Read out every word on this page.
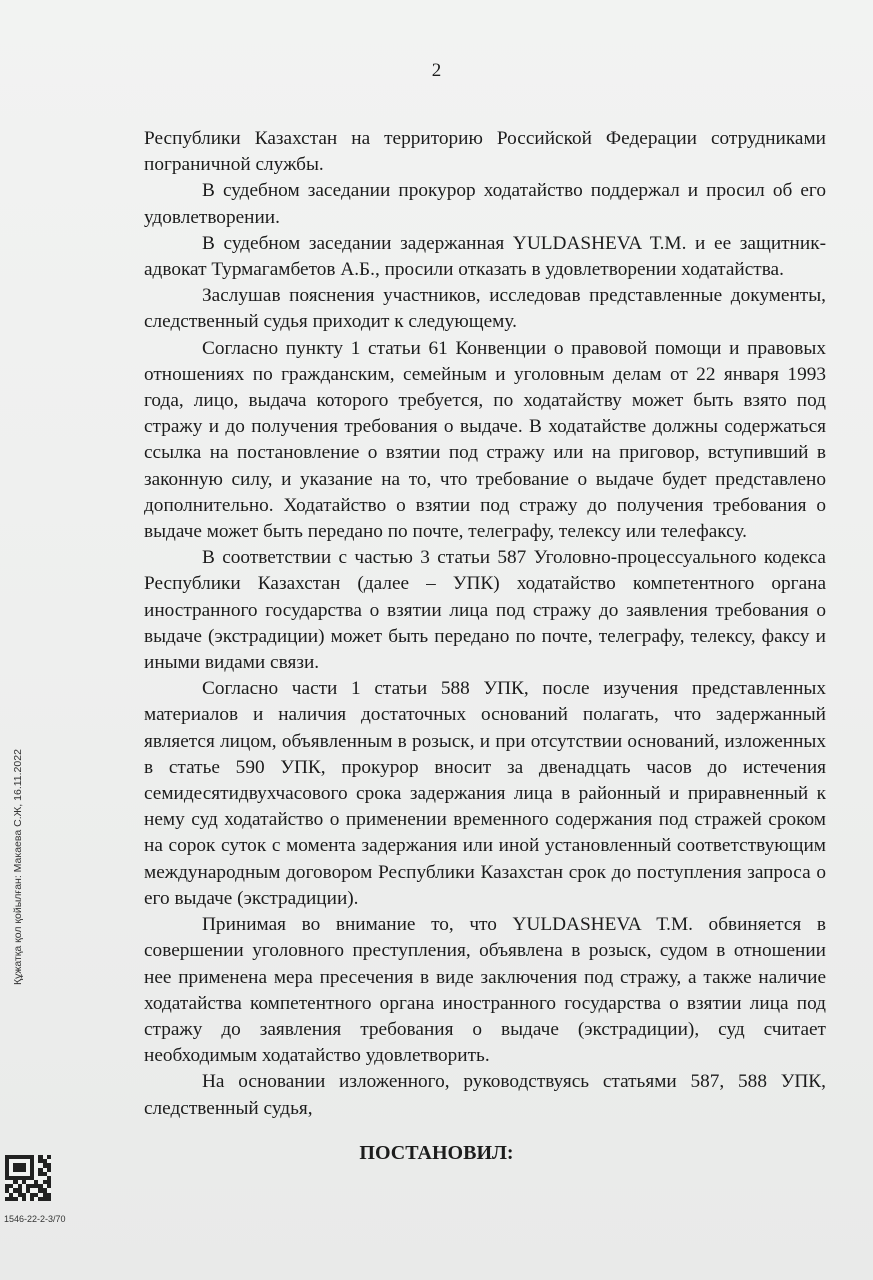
2

Республики Казахстан на территорию Российской Федерации сотрудниками пограничной службы.

В судебном заседании прокурор ходатайство поддержал и просил об его удовлетворении.

В судебном заседании задержанная YULDASHEVA Т.М. и ее защитник-адвокат Турмагамбетов А.Б., просили отказать в удовлетворении ходатайства.

Заслушав пояснения участников, исследовав представленные документы, следственный судья приходит к следующему.

Согласно пункту 1 статьи 61 Конвенции о правовой помощи и правовых отношениях по гражданским, семейным и уголовным делам от 22 января 1993 года, лицо, выдача которого требуется, по ходатайству может быть взято под стражу и до получения требования о выдаче. В ходатайстве должны содержаться ссылка на постановление о взятии под стражу или на приговор, вступивший в законную силу, и указание на то, что требование о выдаче будет представлено дополнительно. Ходатайство о взятии под стражу до получения требования о выдаче может быть передано по почте, телеграфу, телексу или телефаксу.

В соответствии с частью 3 статьи 587 Уголовно-процессуального кодекса Республики Казахстан (далее – УПК) ходатайство компетентного органа иностранного государства о взятии лица под стражу до заявления требования о выдаче (экстрадиции) может быть передано по почте, телеграфу, телексу, факсу и иными видами связи.

Согласно части 1 статьи 588 УПК, после изучения представленных материалов и наличия достаточных оснований полагать, что задержанный является лицом, объявленным в розыск, и при отсутствии оснований, изложенных в статье 590 УПК, прокурор вносит за двенадцать часов до истечения семидесятидвухчасового срока задержания лица в районный и приравненный к нему суд ходатайство о применении временного содержания под стражей сроком на сорок суток с момента задержания или иной установленный соответствующим международным договором Республики Казахстан срок до поступления запроса о его выдаче (экстрадиции).

Принимая во внимание то, что YULDASHEVA Т.М. обвиняется в совершении уголовного преступления, объявлена в розыск, судом в отношении нее применена мера пресечения в виде заключения под стражу, а также наличие ходатайства компетентного органа иностранного государства о взятии лица под стражу до заявления требования о выдаче (экстрадиции), суд считает необходимым ходатайство удовлетворить.

На основании изложенного, руководствуясь статьями 587, 588 УПК, следственный судья,

ПОСТАНОВИЛ:
Құжатқа қол қойылған: Макаева С.Ж, 16.11.2022
1546-22-2-3/70
